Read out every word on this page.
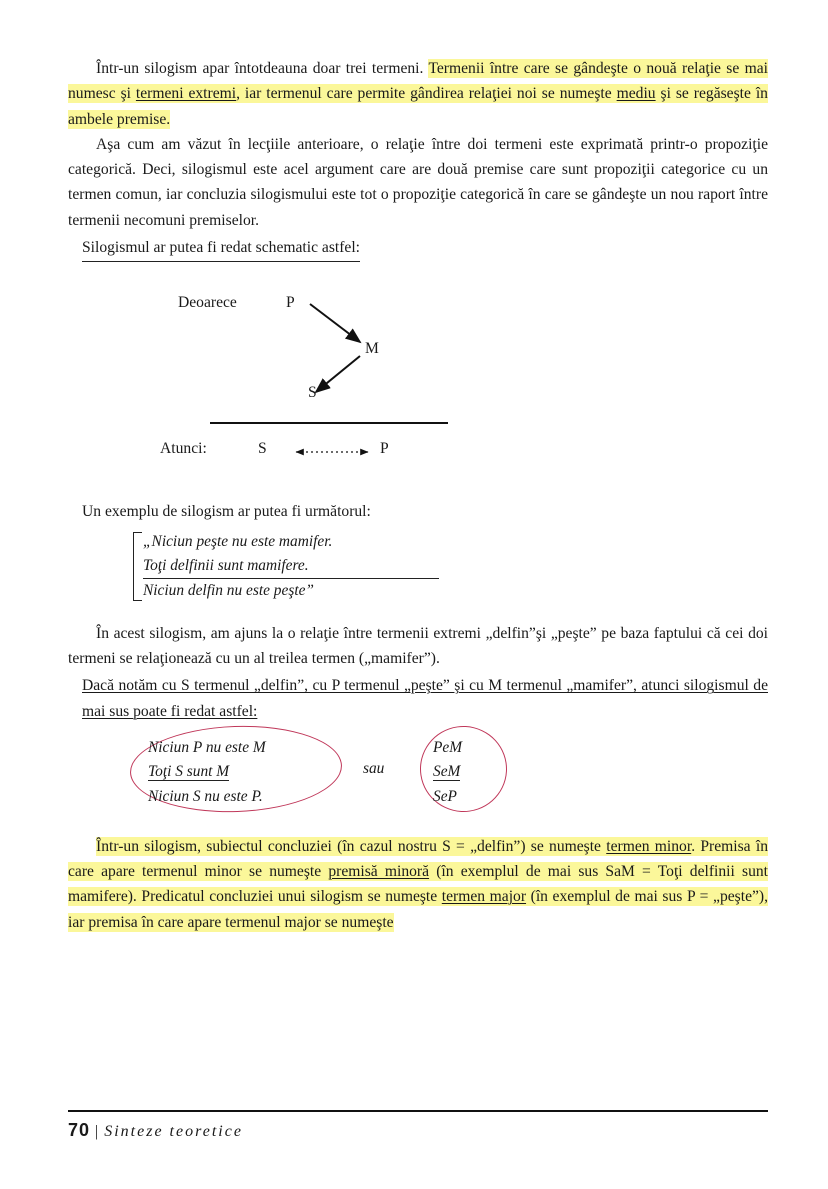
‍ ‍ ‍ ‍ ‍ ‍ ‍ ‍ ‍ ‍ ‍ ‍ ‍ ‍ ‍ ‍ ‍ ‍ ‍ ‍ ‍ ‍

Într-un silogism apar întotdeauna doar trei termeni. Termenii între care se gândeşte o nouă relaţie se mai numesc şi termeni extremi, iar termenul care permite gândirea relaţiei noi se numeşte mediu şi se regăseşte în ambele premise.

Aşa cum am văzut în lecţiile anterioare, o relaţie între doi termeni este exprimată printr-o propoziţie categorică. Deci, silogismul este acel argument care are două premise care sunt propoziţii categorice cu un termen comun, iar concluzia silogismului este tot o propoziţie categorică în care se gândeşte un nou raport între termenii necomuni premiselor.

Silogismul ar putea fi redat schematic astfel:

Deoarece	P
M
S
Atunci:	S	P

Un exemplu de silogism ar putea fi următorul:

„Niciun peşte nu este mamifer.
Toţi delfinii sunt mamifere.
Niciun delfin nu este peşte”

În acest silogism, am ajuns la o relaţie între termenii extremi „delfin”şi „peşte” pe baza faptului că cei doi termeni se relaţionează cu un al treilea termen („mamifer”).

Dacă notăm cu S termenul „delfin”, cu P termenul „peşte” şi cu M termenul „mamifer”, atunci silogismul de mai sus poate fi redat astfel:

Niciun P nu este M
Toţi S sunt M
Niciun S nu este P.
sau
PeM
SeM
SeP

Într-un silogism, subiectul concluziei (în cazul nostru S = „delfin”) se numeşte termen minor. Premisa în care apare termenul minor se numeşte premisă minoră (în exemplul de mai sus SaM = Toţi delfinii sunt mamifere). Predicatul concluziei unui silogism se numeşte termen major (în exemplul de mai sus P = „peşte”), iar premisa în care apare termenul major se numeşte

70 | Sinteze teoretice
